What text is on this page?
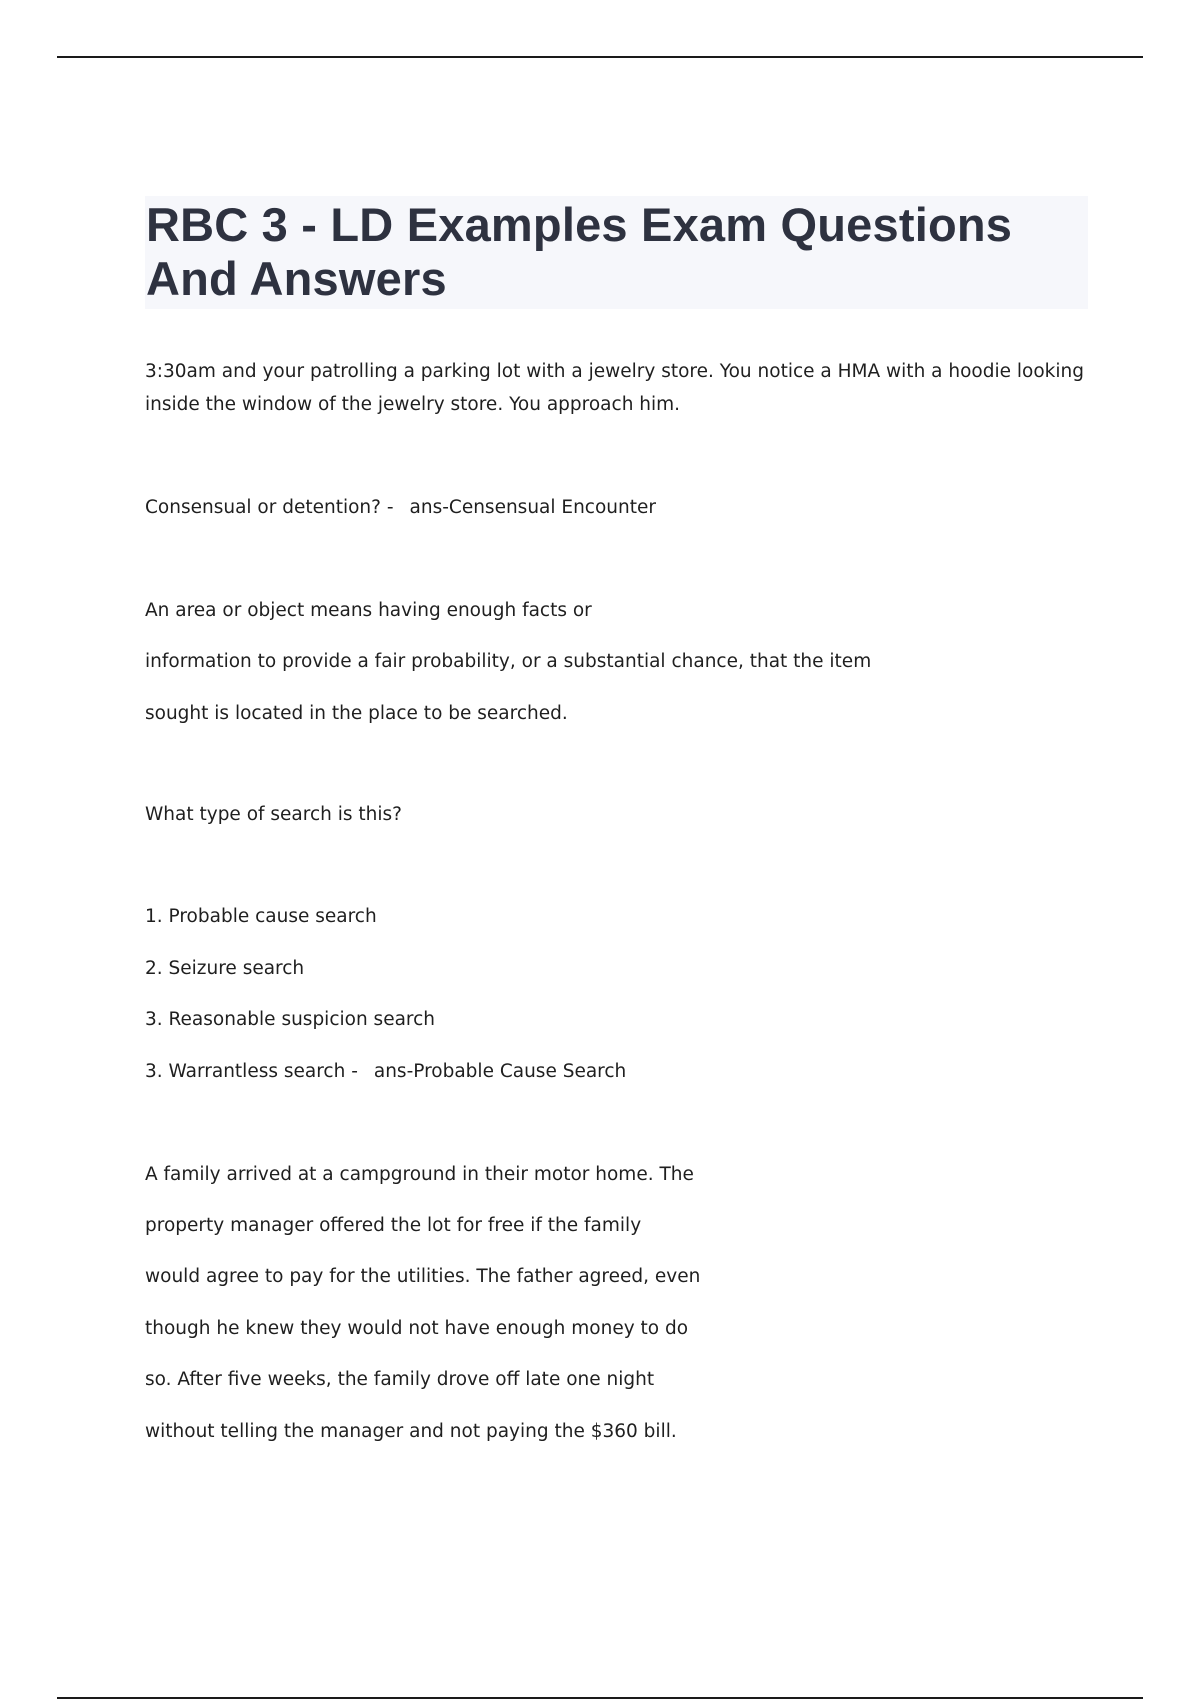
RBC 3 - LD Examples Exam Questions And Answers

3:30am and your patrolling a parking lot with a jewelry store. You notice a HMA with a hoodie looking

inside the window of the jewelry store. You approach him.

Consensual or detention? - ans-Censensual Encounter

An area or object means having enough facts or

information to provide a fair probability, or a substantial chance, that the item

sought is located in the place to be searched.

What type of search is this?

1. Probable cause search

2. Seizure search

3. Reasonable suspicion search

3. Warrantless search - ans-Probable Cause Search

A family arrived at a campground in their motor home. The

property manager offered the lot for free if the family

would agree to pay for the utilities. The father agreed, even

though he knew they would not have enough money to do

so. After five weeks, the family drove off late one night

without telling the manager and not paying the $360 bill.
